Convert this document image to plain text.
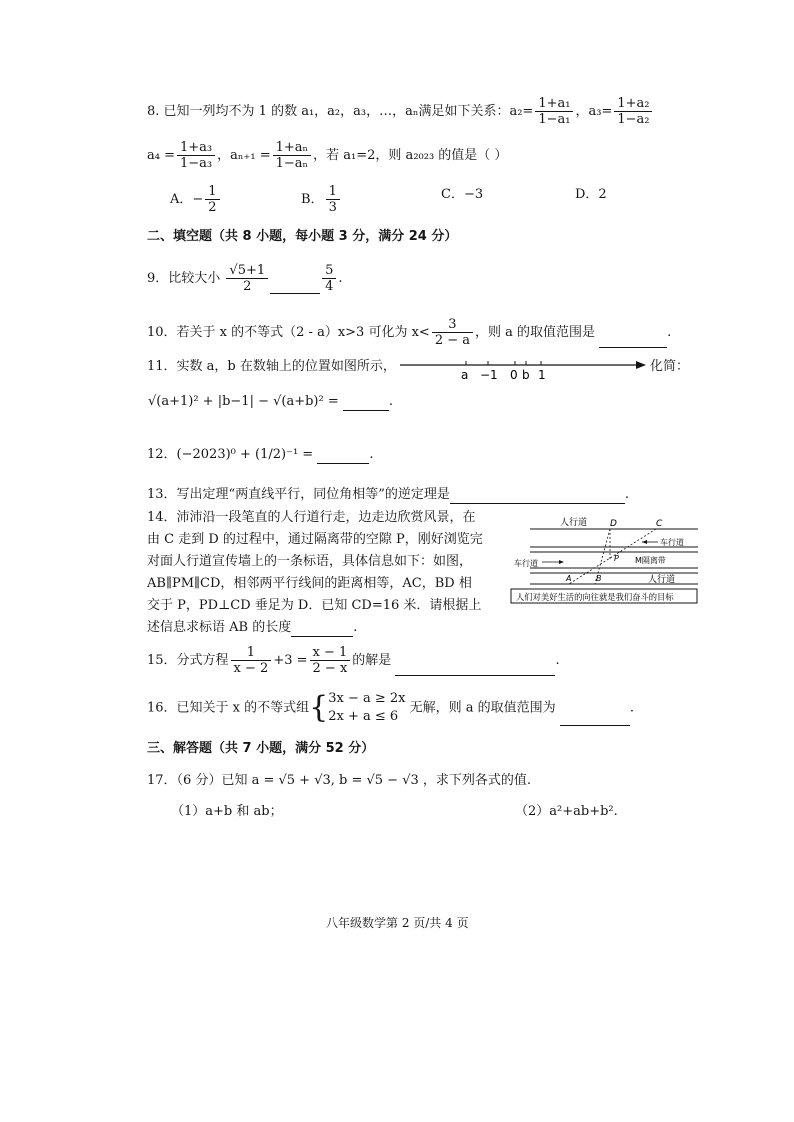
8. 已知一列均不为 1 的数 a₁，a₂，a₃，…，aₙ满足如下关系：$a_2= \frac{\text{1+a₁}}{\text{1−a₁}}$ ，$a_3= \frac{\text{1+a₂}}{\text{1−a₂}}$
$a_4 = \frac{\text{1+a₃}}{\text{1−a₃}}$ ，$a_{n+1} = \frac{\text{1+aₙ}}{\text{1−aₙ}}$ ，若 a₁=2，则 a₂₀₂₃ 的值是（ ）
A．− $\frac{1}{2}$	B． $\frac{1}{3}$	C．−3	D．2
二、填空题（共 8 小题，每小题 3 分，满分 24 分）
9．比较大小 $\frac{√5+1}{2}$	$\frac{5}{4}$ .
10．若关于 x 的不等式（2 - a）x>3 可化为 $x< \frac{3}{2 - a}$ ，则 a 的取值范围是	.
11．实数 a，b 在数轴上的位置如图所示，
a −1 0 b 1
化简：
√(a+1)² + |b−1| − √(a+b)² =	.
12．(−2023)⁰ + (1/2)⁻¹ =	.
13．写出定理“两直线平行，同位角相等”的逆定理是	.
14．沛沛沿一段笔直的人行道行走，边走边欣赏风景，在
由 C 走到 D 的过程中，通过隔离带的空隙 P，刚好浏览完
对面人行道宣传墙上的一条标语，具体信息如下：如图，
AB∥PM∥CD，相邻两平行线间的距离相等，AC，BD 相
交于 P，PD⊥CD 垂足为 D．已知 CD=16 米．请根据上
述信息求标语 AB 的长度	.
人行道	D	C
车行道
M隔离带
车行道
人行道
P
A	B
人们对美好生活的向往就是我们奋斗的目标
15．分式方程 $\frac{1}{x - 2} +3 = \frac{x - 1}{2 - x}$ 的解是	.
16．已知关于 x 的不等式组{ 3x − a ≥ 2x
2x + a ≤ 6
无解，则 a 的取值范围为	.
三、解答题（共 7 小题，满分 52 分）
17．（6 分）已知 a = √5 + √3, b = √5 − √3 ，求下列各式的值.
（1）a+b 和 ab；	（2）a²+ab+b².
八年级数学第 2 页/共 4 页
